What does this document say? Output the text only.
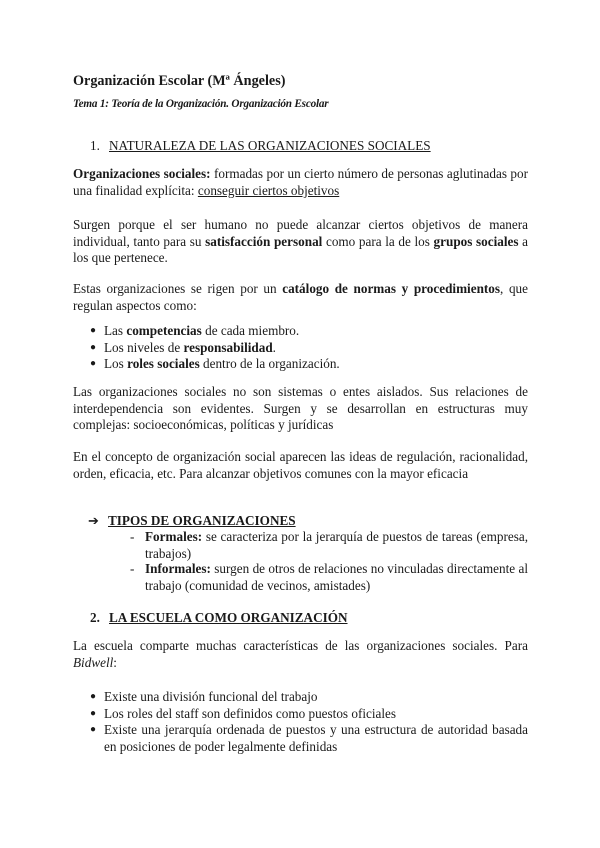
Organización Escolar (Mª Ángeles)
Tema 1: Teoría de la Organización. Organización Escolar
1. NATURALEZA DE LAS ORGANIZACIONES SOCIALES

Organizaciones sociales: formadas por un cierto número de personas aglutinadas por una finalidad explícita: conseguir ciertos objetivos

Surgen porque el ser humano no puede alcanzar ciertos objetivos de manera individual, tanto para su satisfacción personal como para la de los grupos sociales a los que pertenece.

Estas organizaciones se rigen por un catálogo de normas y procedimientos, que regulan aspectos como:

● Las competencias de cada miembro.
● Los niveles de responsabilidad.
● Los roles sociales dentro de la organización.

Las organizaciones sociales no son sistemas o entes aislados. Sus relaciones de interdependencia son evidentes. Surgen y se desarrollan en estructuras muy complejas: socioeconómicas, políticas y jurídicas

En el concepto de organización social aparecen las ideas de regulación, racionalidad, orden, eficacia, etc. Para alcanzar objetivos comunes con la mayor eficacia

➔ TIPOS DE ORGANIZACIONES
- Formales: se caracteriza por la jerarquía de puestos de tareas (empresa, trabajos)
- Informales: surgen de otros de relaciones no vinculadas directamente al trabajo (comunidad de vecinos, amistades)
2. LA ESCUELA COMO ORGANIZACIÓN

La escuela comparte muchas características de las organizaciones sociales. Para Bidwell:

● Existe una división funcional del trabajo
● Los roles del staff son definidos como puestos oficiales
● Existe una jerarquía ordenada de puestos y una estructura de autoridad basada en posiciones de poder legalmente definidas
